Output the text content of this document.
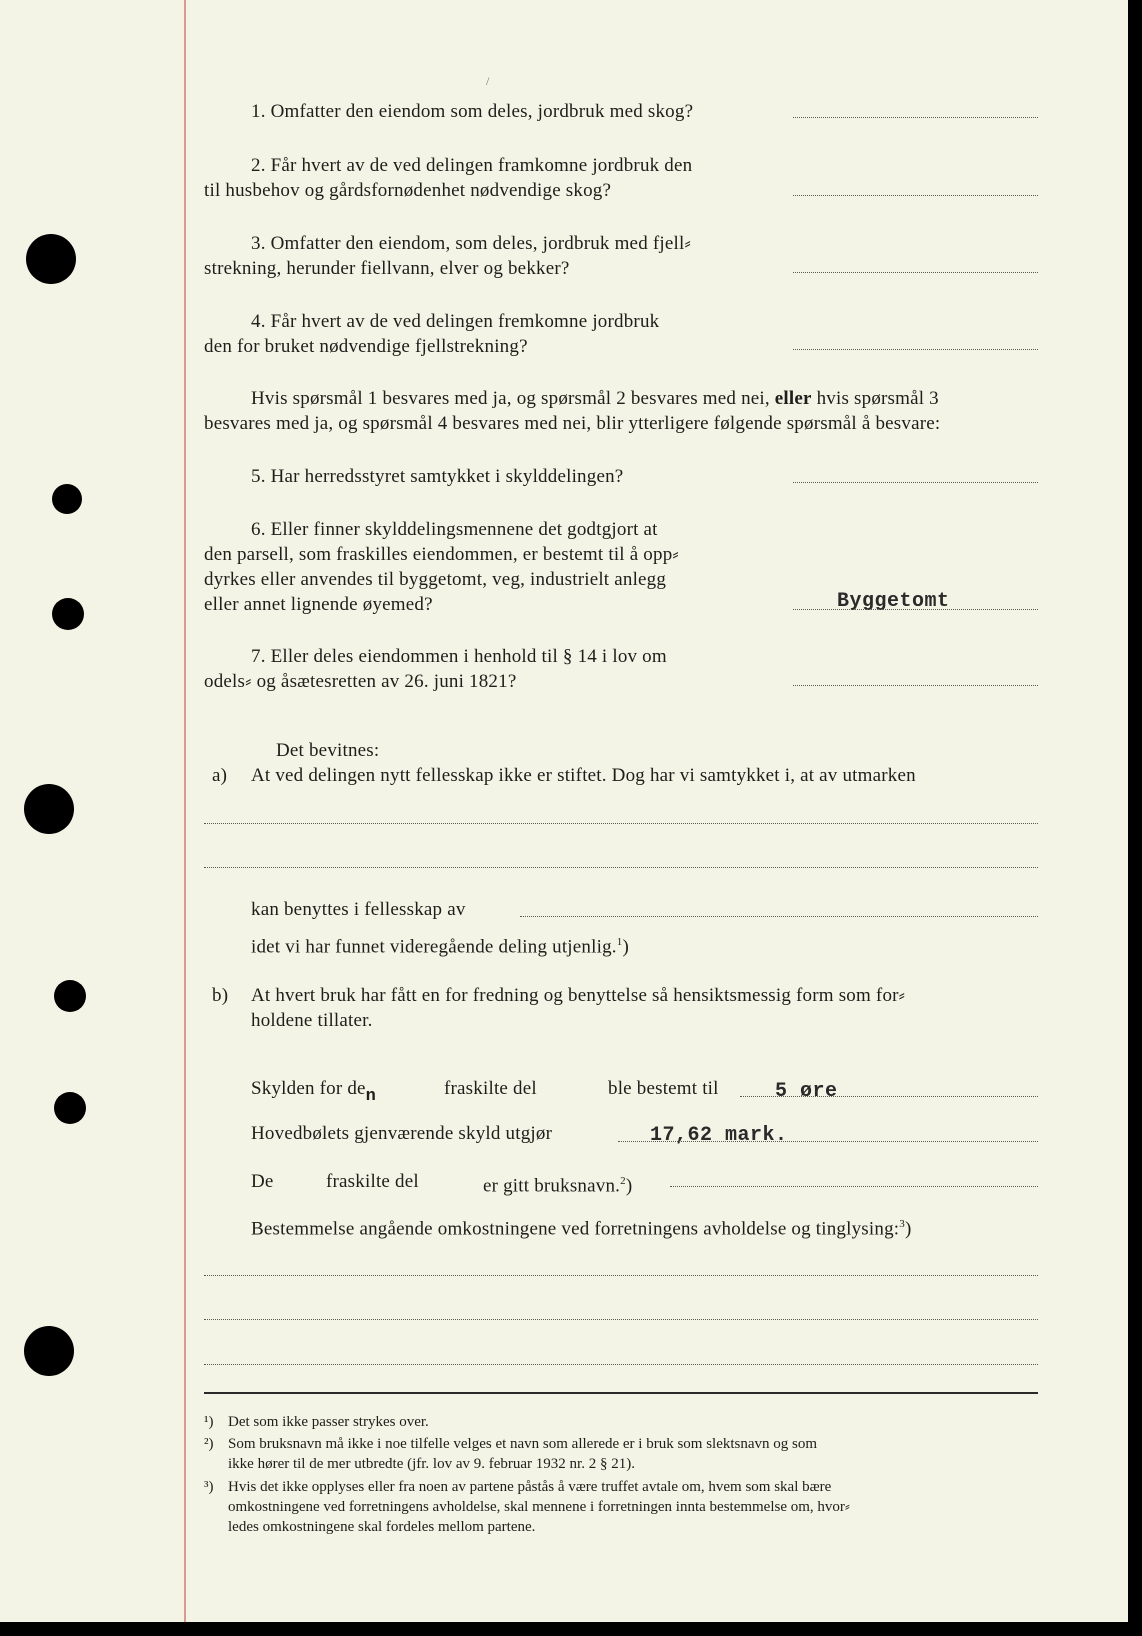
/

1. Omfatter den eiendom som deles, jordbruk med skog?

2. Får hvert av de ved delingen framkomne jordbruk den

til husbehov og gårdsfornødenhet nødvendige skog?

3. Omfatter den eiendom, som deles, jordbruk med fjell⸗

strekning, herunder fiellvann, elver og bekker?

4. Får hvert av de ved delingen fremkomne jordbruk

den for bruket nødvendige fjellstrekning?

Hvis spørsmål 1 besvares med ja, og spørsmål 2 besvares med nei, eller hvis spørsmål 3

besvares med ja, og spørsmål 4 besvares med nei, blir ytterligere følgende spørsmål å besvare:

5. Har herredsstyret samtykket i skylddelingen?

6. Eller finner skylddelingsmennene det godtgjort at

den parsell, som fraskilles eiendommen, er bestemt til å opp⸗

dyrkes eller anvendes til byggetomt, veg, industrielt anlegg

eller annet lignende øyemed?	Byggetomt

7. Eller deles eiendommen i henhold til § 14 i lov om

odels⸗ og åsætesretten av 26. juni 1821?

Det bevitnes:
a) At ved delingen nytt fellesskap ikke er stiftet. Dog har vi samtykket i, at av utmarken
kan benyttes i fellesskap av
idet vi har funnet videregående deling utjenlig.$^1$)
b) At hvert bruk har fått en for fredning og benyttelse så hensiktsmessig form som for⸗

holdene tillater.

Skylden for den	fraskilte del	ble bestemt til	5 øre
Hovedbølets gjenværende skyld utgjør	17,62 mark.
De	fraskilte del	er gitt bruksnavn.$^2$)
Bestemmelse angående omkostningene ved forretningens avholdelse og tinglysing:$^3$)

¹) Det som ikke passer strykes over.

²) Som bruksnavn må ikke i noe tilfelle velges et navn som allerede er i bruk som slektsnavn og som

ikke hører til de mer utbredte (jfr. lov av 9. februar 1932 nr. 2 § 21).

³) Hvis det ikke opplyses eller fra noen av partene påstås å være truffet avtale om, hvem som skal bære

omkostningene ved forretningens avholdelse, skal mennene i forretningen innta bestemmelse om, hvor⸗

ledes omkostningene skal fordeles mellom partene.
